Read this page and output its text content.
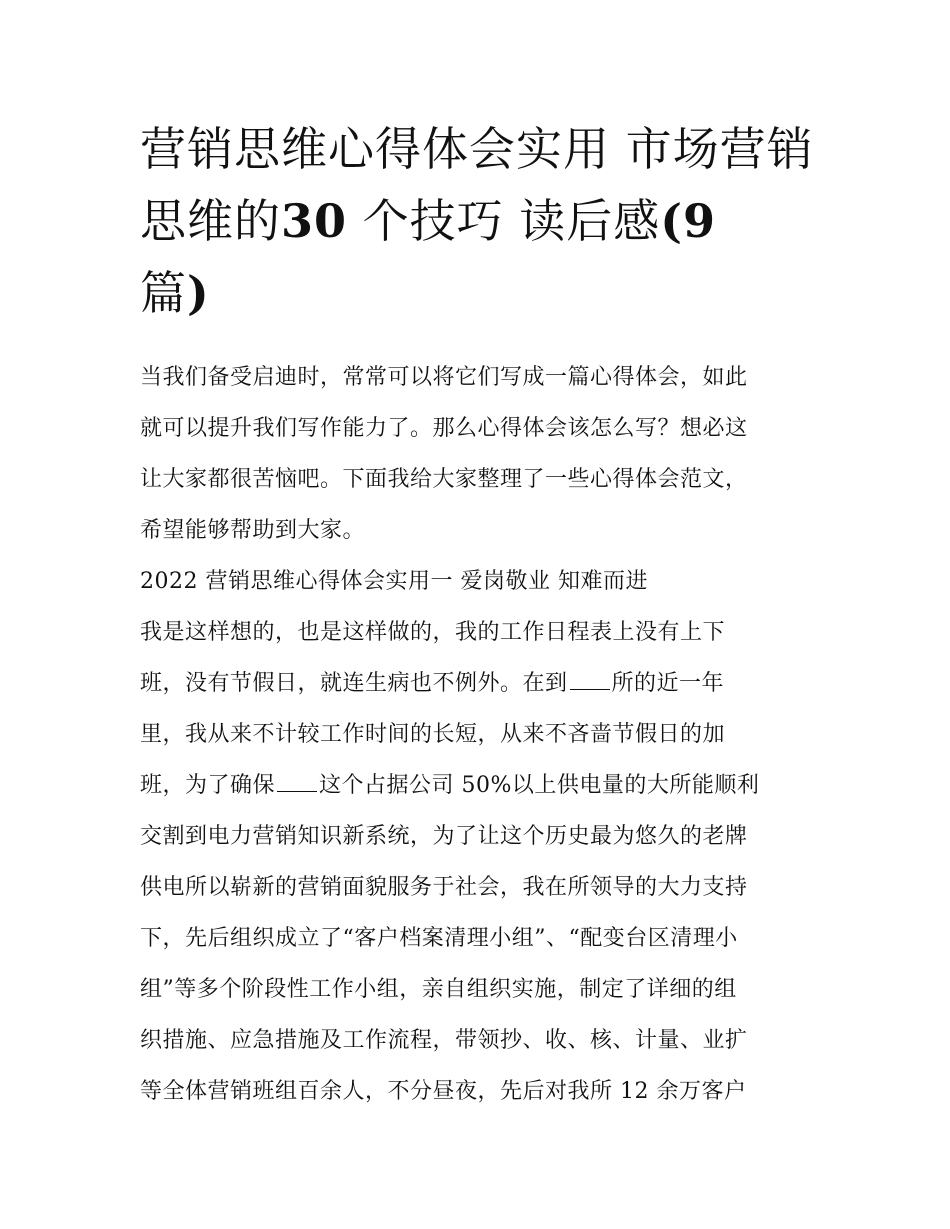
营销思维心得体会实用 市场营销思维的30 个技巧 读后感(9
篇)

当我们备受启迪时，常常可以将它们写成一篇心得体会，如此
就可以提升我们写作能力了。那么心得体会该怎么写？想必这
让大家都很苦恼吧。下面我给大家整理了一些心得体会范文，
希望能够帮助到大家。

2022 营销思维心得体会实用一 爱岗敬业 知难而进

我是这样想的，也是这样做的，我的工作日程表上没有上下
班，没有节假日，就连生病也不例外。在到 所的近一年
里，我从来不计较工作时间的长短，从来不吝啬节假日的加
班，为了确保 这个占据公司 50%以上供电量的大所能顺利
交割到电力营销知识新系统，为了让这个历史最为悠久的老牌
供电所以崭新的营销面貌服务于社会，我在所领导的大力支持
下，先后组织成立了“客户档案清理小组”、“配变台区清理小
组”等多个阶段性工作小组，亲自组织实施，制定了详细的组
织措施、应急措施及工作流程，带领抄、收、核、计量、业扩
等全体营销班组百余人，不分昼夜，先后对我所 12 余万客户
